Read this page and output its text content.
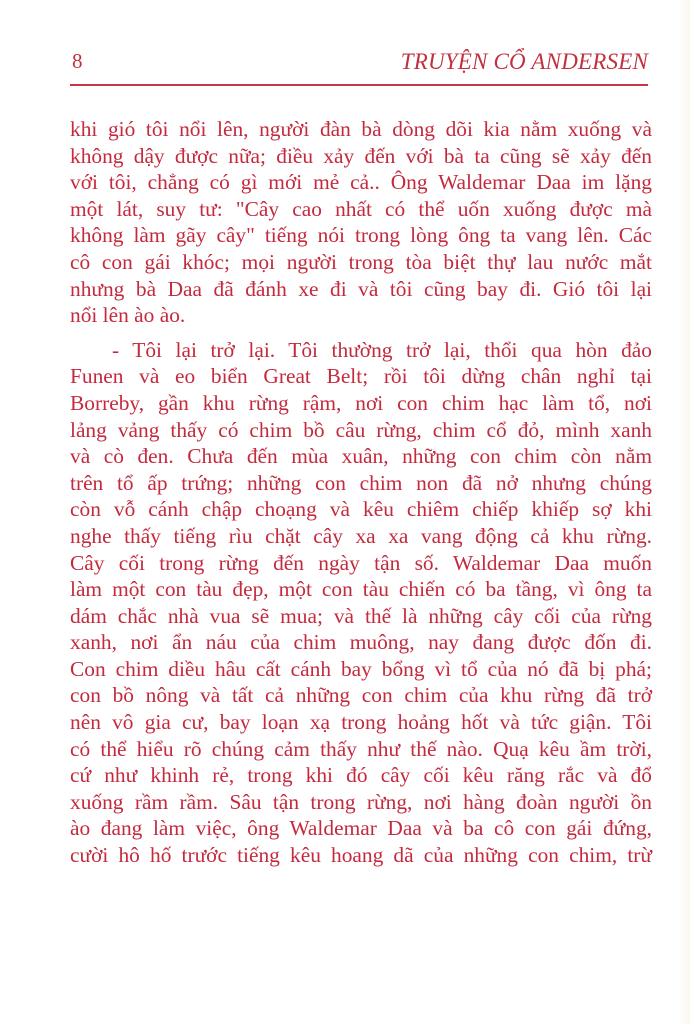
8	TRUYỆN CỔ ANDERSEN
khi gió tôi nổi lên, người đàn bà dòng dõi kia nằm xuống và
không dậy được nữa; điều xảy đến với bà ta cũng sẽ xảy đến
với tôi, chẳng có gì mới mẻ cả.. Ông Waldemar Daa im lặng
một lát, suy tư: "Cây cao nhất có thể uốn xuống được mà
không làm gãy cây" tiếng nói trong lòng ông ta vang lên. Các
cô con gái khóc; mọi người trong tòa biệt thự lau nước mắt
nhưng bà Daa đã đánh xe đi và tôi cũng bay đi. Gió tôi lại
nổi lên ào ào.
- Tôi lại trở lại. Tôi thường trở lại, thổi qua hòn đảo
Funen và eo biển Great Belt; rồi tôi dừng chân nghỉ tại
Borreby, gần khu rừng rậm, nơi con chim hạc làm tổ, nơi
lảng vảng thấy có chim bồ câu rừng, chim cổ đỏ, mình xanh
và cò đen. Chưa đến mùa xuân, những con chim còn nằm
trên tổ ấp trứng; những con chim non đã nở nhưng chúng
còn vỗ cánh chập choạng và kêu chiêm chiếp khiếp sợ khi
nghe thấy tiếng rìu chặt cây xa xa vang động cả khu rừng.
Cây cối trong rừng đến ngày tận số. Waldemar Daa muốn
làm một con tàu đẹp, một con tàu chiến có ba tầng, vì ông ta
dám chắc nhà vua sẽ mua; và thế là những cây cối của rừng
xanh, nơi ẩn náu của chim muông, nay đang được đốn đi.
Con chim diều hâu cất cánh bay bổng vì tổ của nó đã bị phá;
con bồ nông và tất cả những con chim của khu rừng đã trở
nên vô gia cư, bay loạn xạ trong hoảng hốt và tức giận. Tôi
có thể hiểu rõ chúng cảm thấy như thế nào. Quạ kêu ầm trời,
cứ như khinh rẻ, trong khi đó cây cối kêu răng rắc và đổ
xuống rầm rầm. Sâu tận trong rừng, nơi hàng đoàn người ồn
ào đang làm việc, ông Waldemar Daa và ba cô con gái đứng,
cười hô hố trước tiếng kêu hoang dã của những con chim, trừ
